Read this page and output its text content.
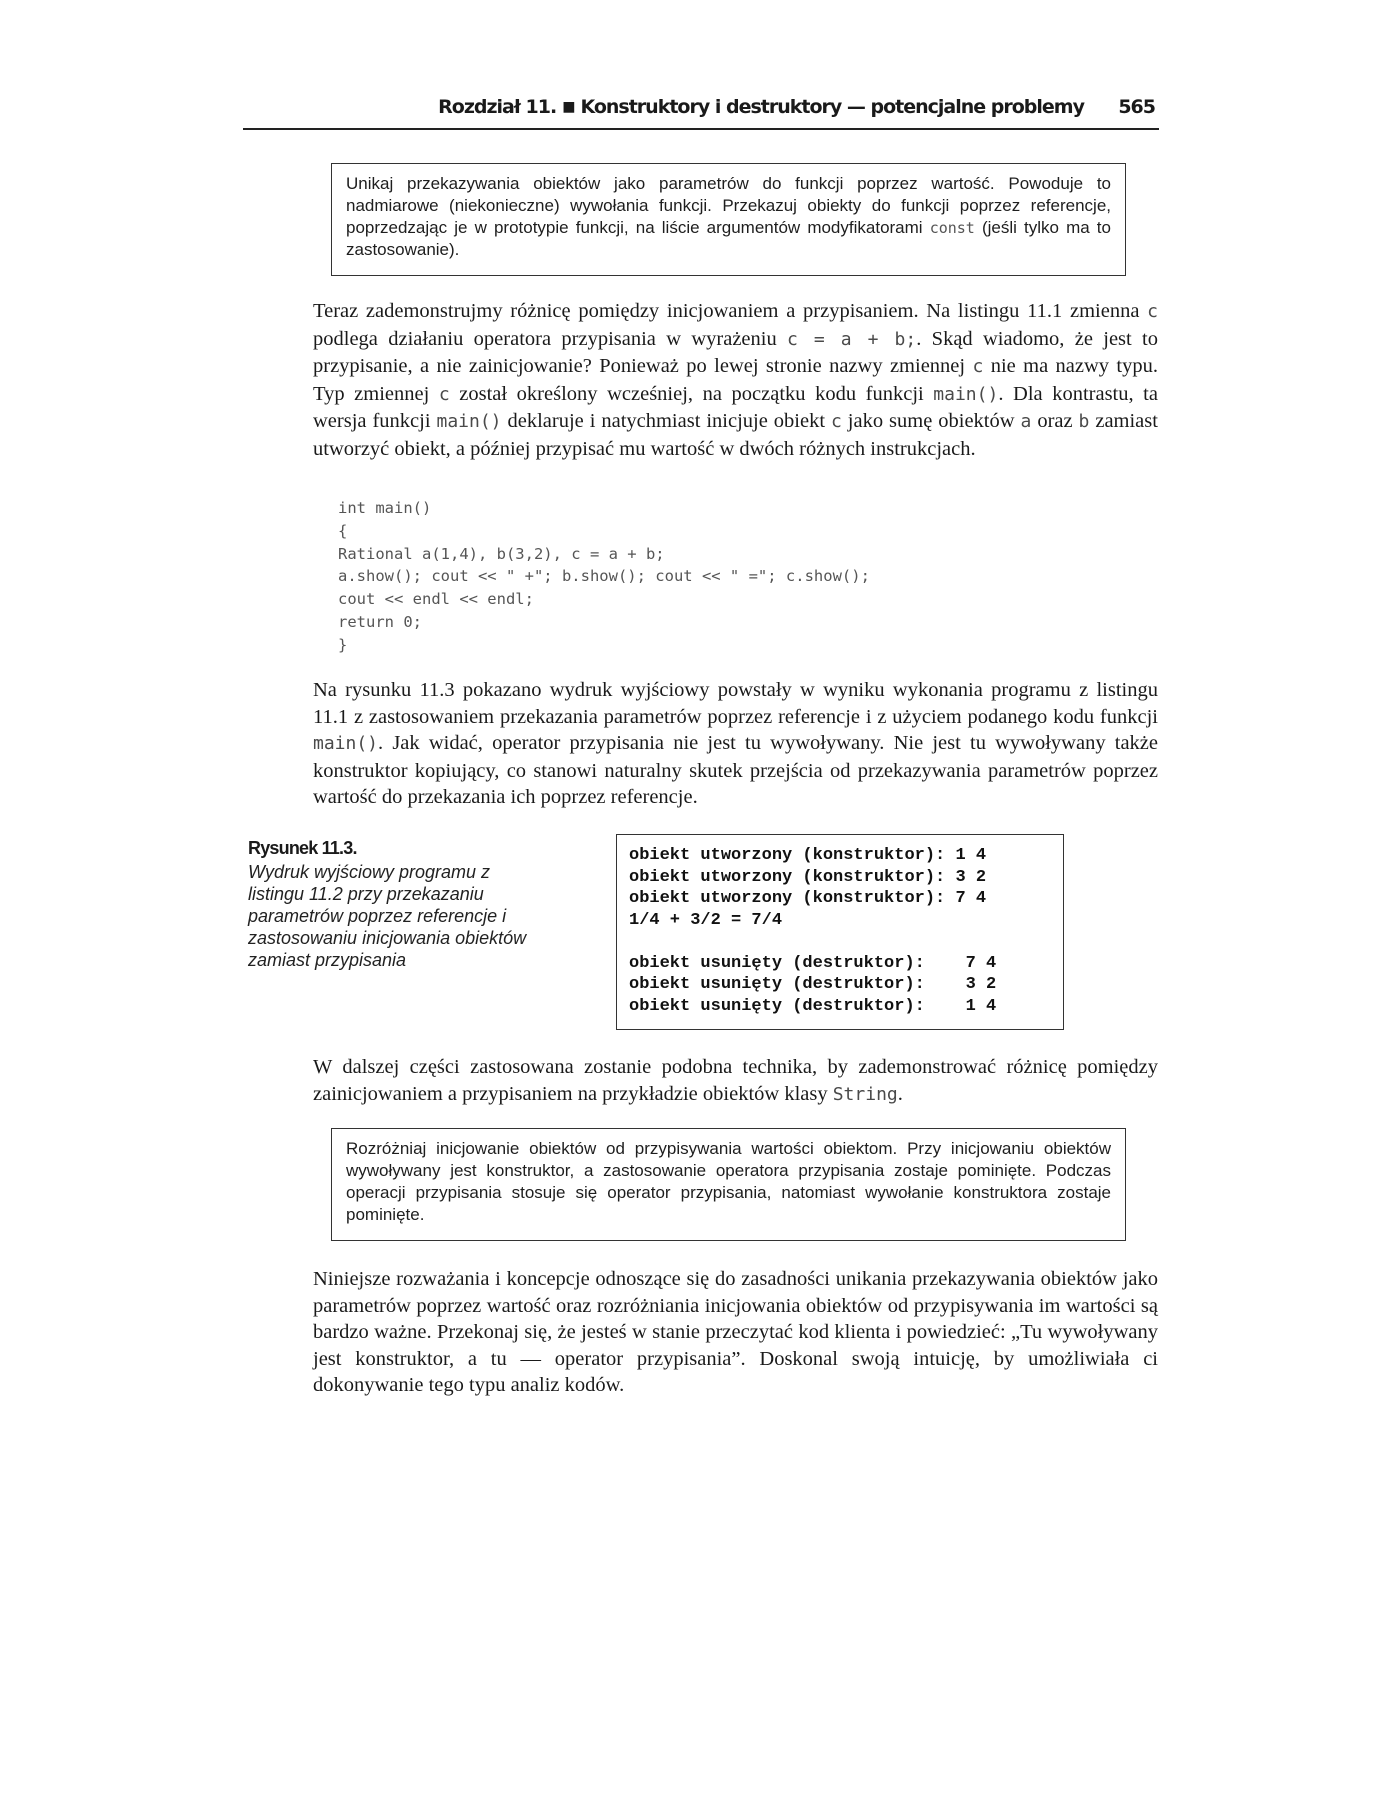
Rozdział 11. ■ Konstruktory i destruktory — potencjalne problemy 565
Unikaj przekazywania obiektów jako parametrów do funkcji poprzez wartość. Powoduje to nadmiarowe (niekonieczne) wywołania funkcji. Przekazuj obiekty do funkcji poprzez referencje, poprzedzając je w prototypie funkcji, na liście argumentów modyfikatorami const (jeśli tylko ma to zastosowanie).
Teraz zademonstrujmy różnicę pomiędzy inicjowaniem a przypisaniem. Na listingu 11.1 zmienna c podlega działaniu operatora przypisania w wyrażeniu c = a + b;. Skąd wiadomo, że jest to przypisanie, a nie zainicjowanie? Ponieważ po lewej stronie nazwy zmiennej c nie ma nazwy typu. Typ zmiennej c został określony wcześniej, na początku kodu funkcji main(). Dla kontrastu, ta wersja funkcji main() deklaruje i natychmiast inicjuje obiekt c jako sumę obiektów a oraz b zamiast utworzyć obiekt, a później przypisać mu wartość w dwóch różnych instrukcjach.
int main()
{
Rational a(1,4), b(3,2), c = a + b;
a.show(); cout << " +"; b.show(); cout << " ="; c.show();
cout << endl << endl;
return 0;
}
Na rysunku 11.3 pokazano wydruk wyjściowy powstały w wyniku wykonania programu z listingu 11.1 z zastosowaniem przekazania parametrów poprzez referencje i z użyciem podanego kodu funkcji main(). Jak widać, operator przypisania nie jest tu wywoływany. Nie jest tu wywoływany także konstruktor kopiujący, co stanowi naturalny skutek przejścia od przekazywania parametrów poprzez wartość do przekazania ich poprzez referencje.
Rysunek 11.3.
Wydruk wyjściowy programu z listingu 11.2 przy przekazaniu parametrów poprzez referencje i zastosowaniu inicjowania obiektów zamiast przypisania
obiekt utworzony (konstruktor): 1 4
obiekt utworzony (konstruktor): 3 2
obiekt utworzony (konstruktor): 7 4
1/4 + 3/2 = 7/4

obiekt usunięty (destruktor):    7 4
obiekt usunięty (destruktor):    3 2
obiekt usunięty (destruktor):    1 4
W dalszej części zastosowana zostanie podobna technika, by zademonstrować różnicę pomiędzy zainicjowaniem a przypisaniem na przykładzie obiektów klasy String.
Rozróżniaj inicjowanie obiektów od przypisywania wartości obiektom. Przy inicjowaniu obiektów wywoływany jest konstruktor, a zastosowanie operatora przypisania zostaje pominięte. Podczas operacji przypisania stosuje się operator przypisania, natomiast wywołanie konstruktora zostaje pominięte.
Niniejsze rozważania i koncepcje odnoszące się do zasadności unikania przekazywania obiektów jako parametrów poprzez wartość oraz rozróżniania inicjowania obiektów od przypisywania im wartości są bardzo ważne. Przekonaj się, że jesteś w stanie przeczytać kod klienta i powiedzieć: „Tu wywoływany jest konstruktor, a tu — operator przypisania”. Doskonal swoją intuicję, by umożliwiała ci dokonywanie tego typu analiz kodów.
